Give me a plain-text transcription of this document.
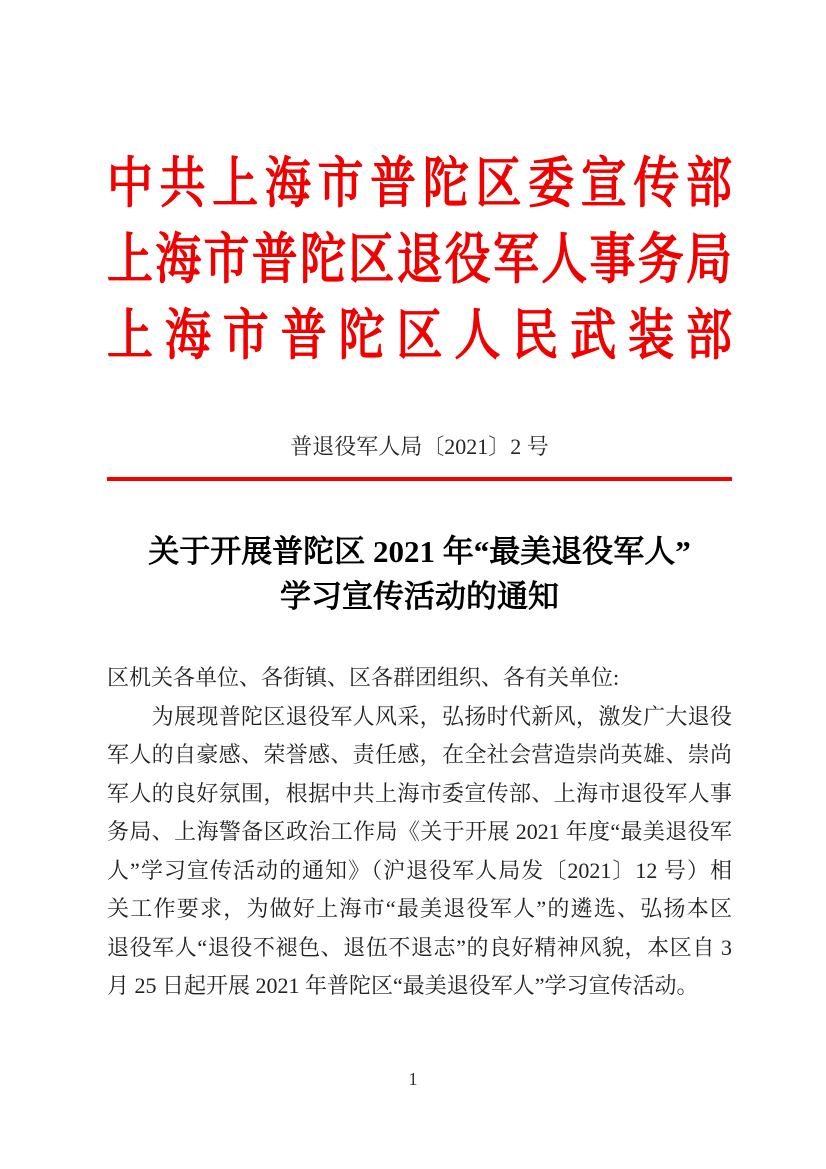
中共上海市普陀区委宣传部
上海市普陀区退役军人事务局
上海市普陀区人民武装部
普退役军人局〔2021〕2 号
关于开展普陀区 2021 年“最美退役军人”
学习宣传活动的通知
区机关各单位、各街镇、区各群团组织、各有关单位:
　　为展现普陀区退役军人风采，弘扬时代新风，激发广大退役
军人的自豪感、荣誉感、责任感，在全社会营造崇尚英雄、崇尚
军人的良好氛围，根据中共上海市委宣传部、上海市退役军人事
务局、上海警备区政治工作局《关于开展 2021 年度“最美退役军
人”学习宣传活动的通知》（沪退役军人局发〔2021〕12 号）相
关工作要求，为做好上海市“最美退役军人”的遴选、弘扬本区
退役军人“退役不褪色、退伍不退志”的良好精神风貌，本区自 3
月 25 日起开展 2021 年普陀区“最美退役军人”学习宣传活动。
1
